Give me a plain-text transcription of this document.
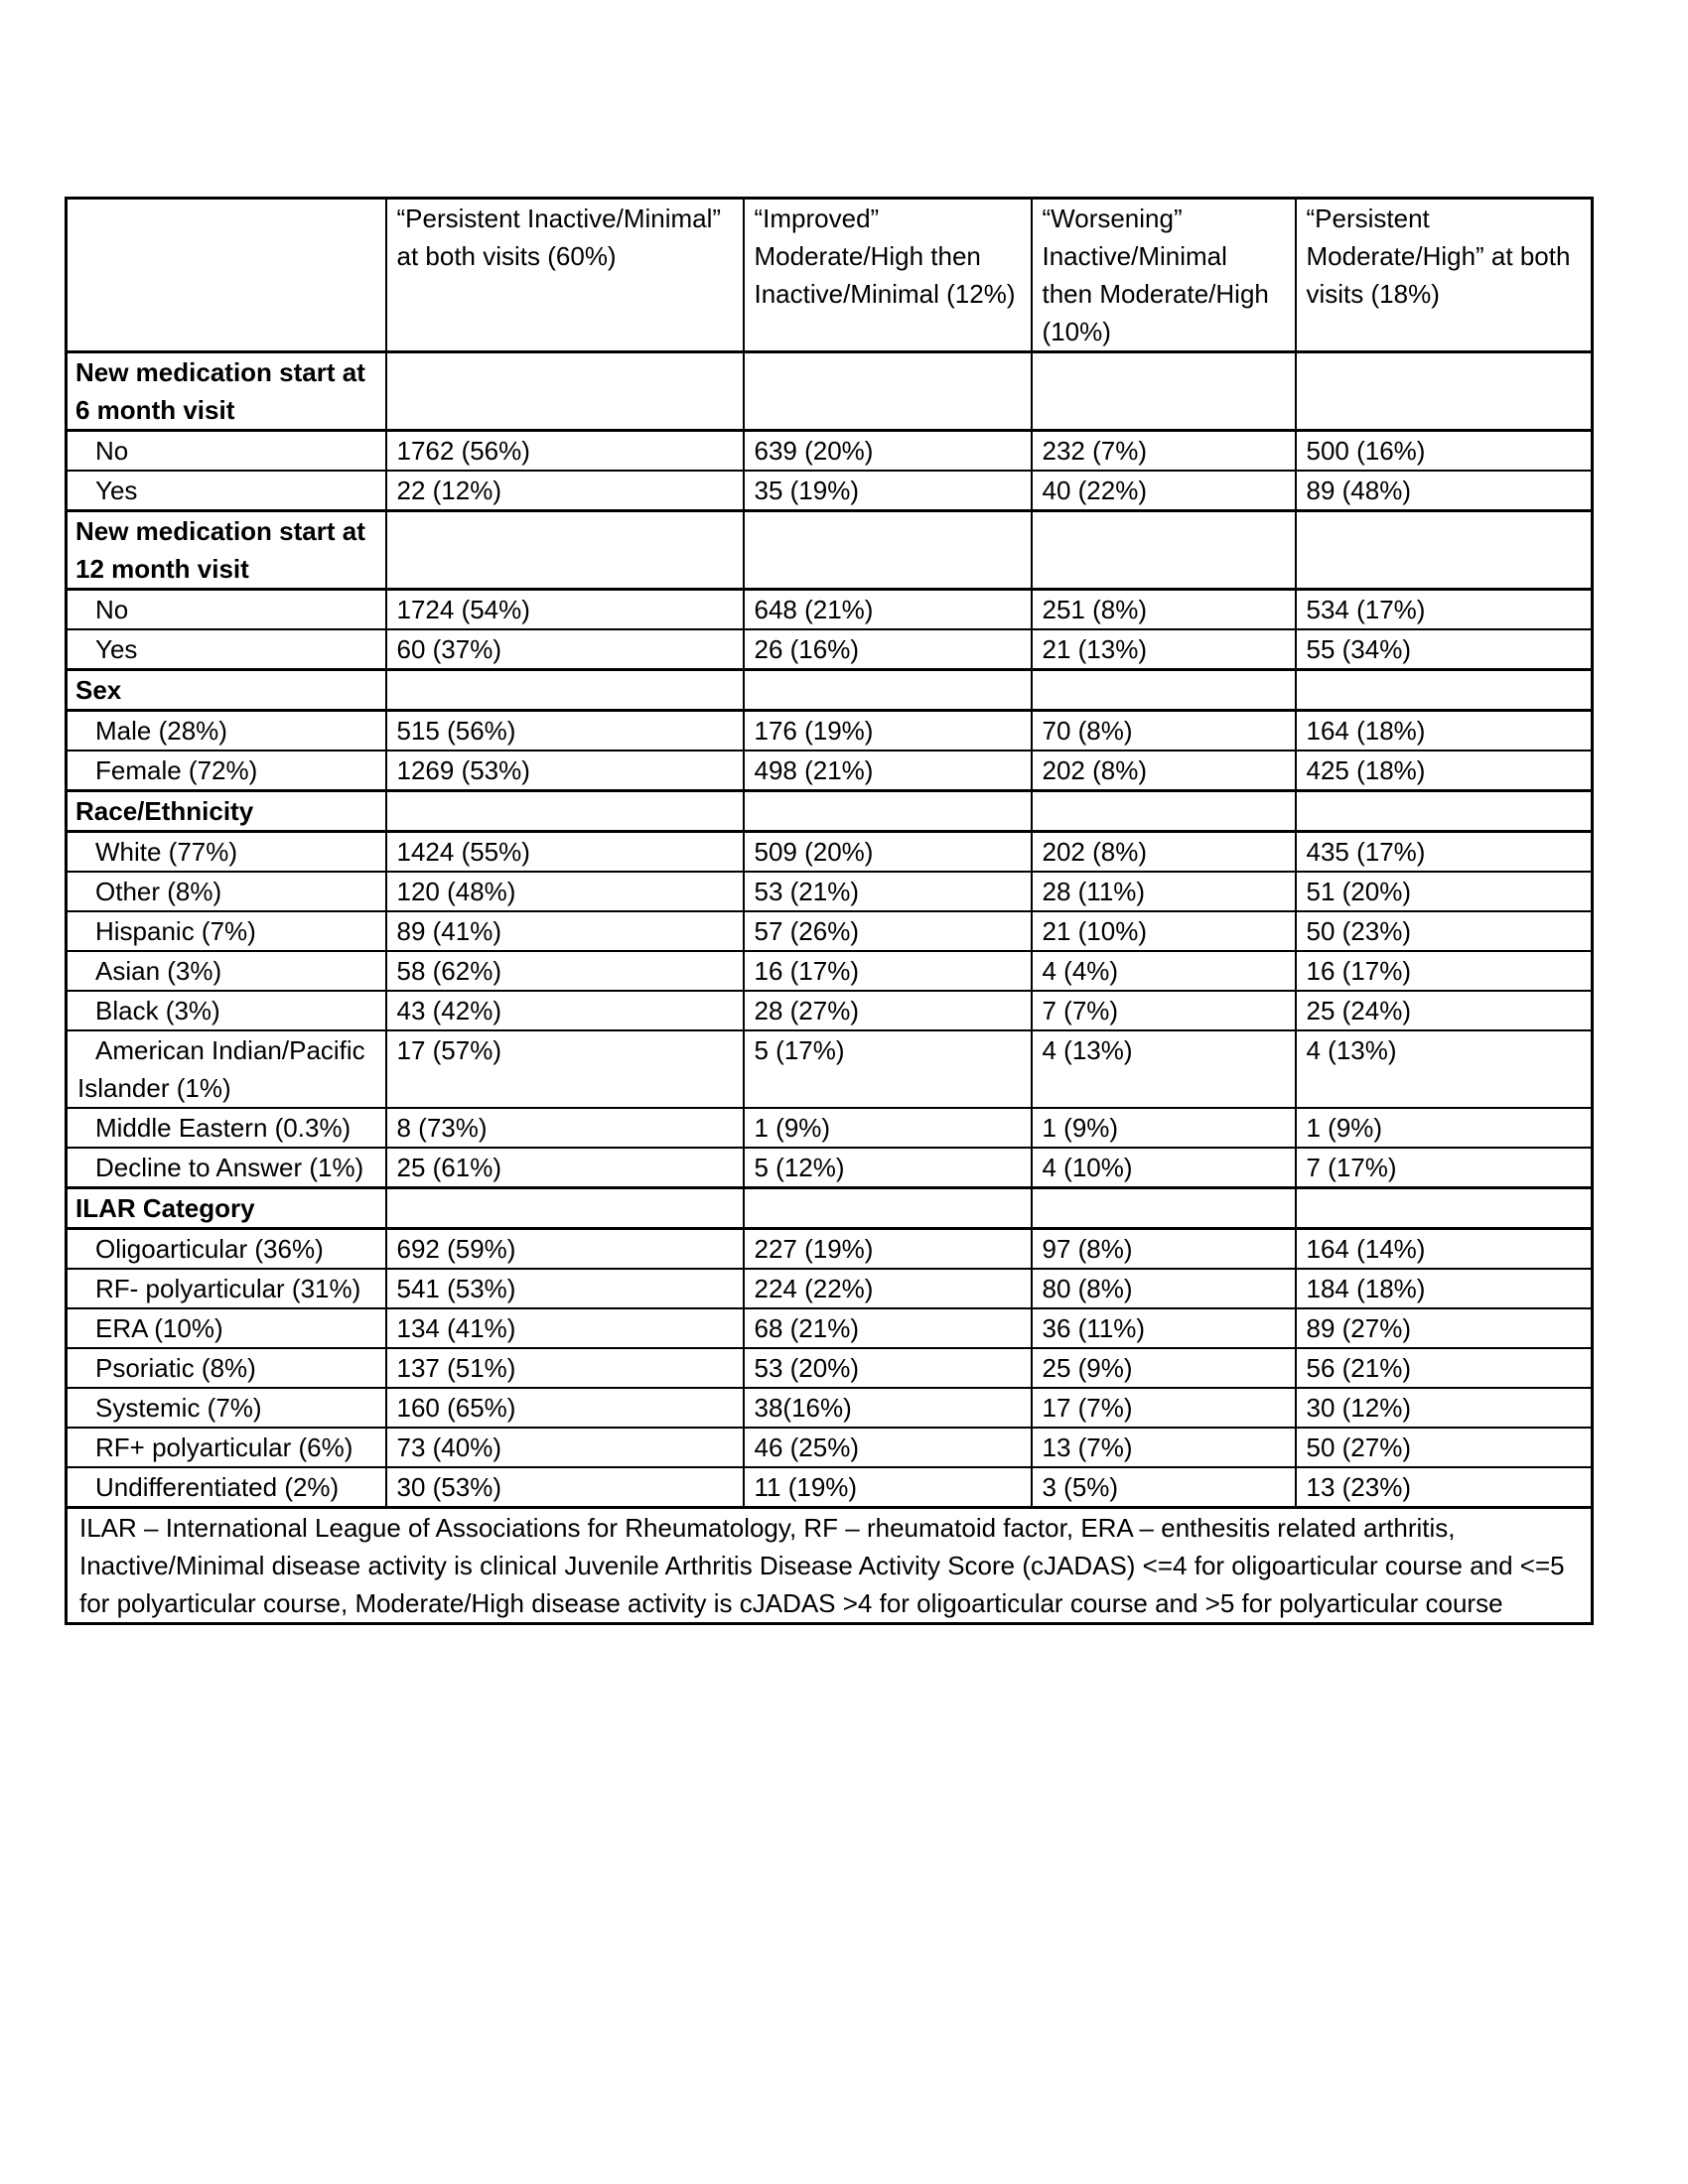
	“Persistent Inactive/Minimal” at both visits (60%)	“Improved” Moderate/High then Inactive/Minimal (12%)	“Worsening” Inactive/Minimal then Moderate/High (10%)	“Persistent Moderate/High” at both visits (18%)
New medication start at 6 month visit				
No	1762 (56%)	639 (20%)	232 (7%)	500 (16%)
Yes	22 (12%)	35 (19%)	40 (22%)	89 (48%)
New medication start at 12 month visit				
No	1724 (54%)	648 (21%)	251 (8%)	534 (17%)
Yes	60 (37%)	26 (16%)	21 (13%)	55 (34%)
Sex				
Male (28%)	515 (56%)	176 (19%)	70 (8%)	164 (18%)
Female (72%)	1269 (53%)	498 (21%)	202 (8%)	425 (18%)
Race/Ethnicity				
White (77%)	1424 (55%)	509 (20%)	202 (8%)	435 (17%)
Other (8%)	120 (48%)	53 (21%)	28 (11%)	51 (20%)
Hispanic (7%)	89 (41%)	57 (26%)	21 (10%)	50 (23%)
Asian (3%)	58 (62%)	16 (17%)	4 (4%)	16 (17%)
Black (3%)	43 (42%)	28 (27%)	7 (7%)	25 (24%)
American Indian/Pacific Islander (1%)	17 (57%)	5 (17%)	4 (13%)	4 (13%)
Middle Eastern (0.3%)	8 (73%)	1 (9%)	1 (9%)	1 (9%)
Decline to Answer (1%)	25 (61%)	5 (12%)	4 (10%)	7 (17%)
ILAR Category				
Oligoarticular (36%)	692 (59%)	227 (19%)	97 (8%)	164 (14%)
RF- polyarticular (31%)	541 (53%)	224 (22%)	80 (8%)	184 (18%)
ERA (10%)	134 (41%)	68 (21%)	36 (11%)	89 (27%)
Psoriatic (8%)	137 (51%)	53 (20%)	25 (9%)	56 (21%)
Systemic (7%)	160 (65%)	38(16%)	17 (7%)	30 (12%)
RF+ polyarticular (6%)	73 (40%)	46 (25%)	13 (7%)	50 (27%)
Undifferentiated (2%)	30 (53%)	11 (19%)	3 (5%)	13 (23%)
ILAR – International League of Associations for Rheumatology, RF – rheumatoid factor, ERA – enthesitis related arthritis, Inactive/Minimal disease activity is clinical Juvenile Arthritis Disease Activity Score (cJADAS) <=4 for oligoarticular course and <=5 for polyarticular course, Moderate/High disease activity is cJADAS >4 for oligoarticular course and >5 for polyarticular course				
